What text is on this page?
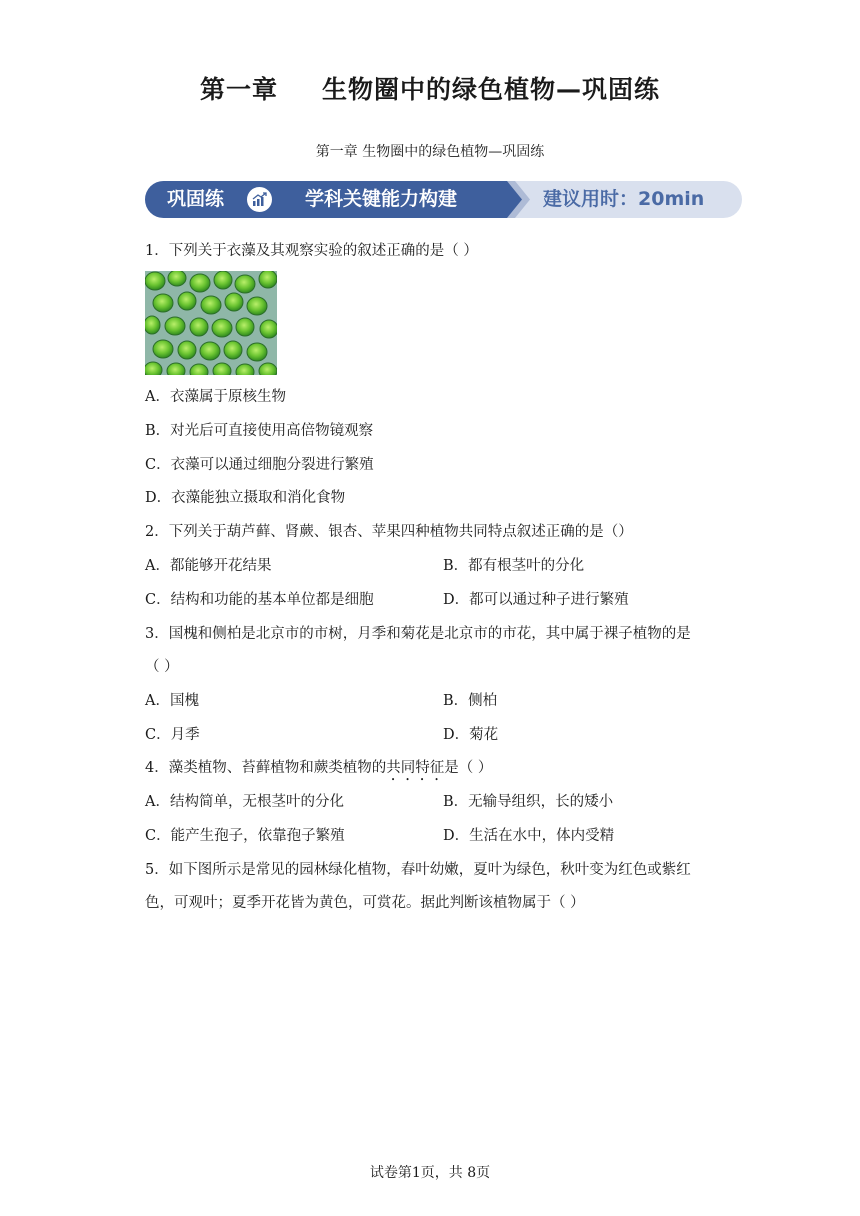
第一章 生物圈中的绿色植物—巩固练
第一章 生物圈中的绿色植物—巩固练
巩固练	学科关键能力构建	建议用时：20min
1．下列关于衣藻及其观察实验的叙述正确的是（ ）
A．衣藻属于原核生物
B．对光后可直接使用高倍物镜观察
C．衣藻可以通过细胞分裂进行繁殖
D．衣藻能独立摄取和消化食物
2．下列关于葫芦藓、肾蕨、银杏、苹果四种植物共同特点叙述正确的是（）
A．都能够开花结果	B．都有根茎叶的分化
C．结构和功能的基本单位都是细胞	D．都可以通过种子进行繁殖
3．国槐和侧柏是北京市的市树，月季和菊花是北京市的市花，其中属于裸子植物的是
（ ）
A．国槐	B．侧柏
C．月季	D．菊花
4．藻类植物、苔藓植物和蕨类植物的共同特征是（ ）
A．结构简单，无根茎叶的分化	B．无输导组织，长的矮小
C．能产生孢子，依靠孢子繁殖	D．生活在水中，体内受精
5．如下图所示是常见的园林绿化植物，春叶幼嫩，夏叶为绿色，秋叶变为红色或紫红
色，可观叶；夏季开花皆为黄色，可赏花。据此判断该植物属于（ ）
试卷第1页，共 8页
